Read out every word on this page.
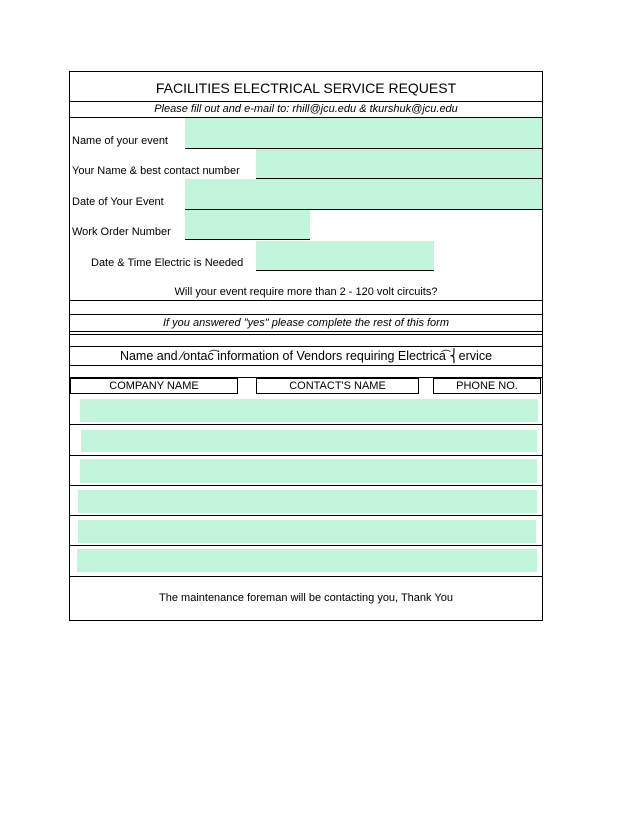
FACILITIES ELECTRICAL SERVICE REQUEST
Please fill out and e-mail to: rhill@jcu.edu & tkurshuk@jcu.edu
Name of your event
Your Name & best contact number
Date of Your Event
Work Order Number
Date & Time Electric is Needed
Will your event require more than 2 - 120 volt circuits?
If you answered "yes" please complete the rest of this form
Name and ∕ontac͡ information of Vendors requiring Electrica͡ ⎨ervice
COMPANY NAME	CONTACT'S NAME	PHONE NO.
The maintenance foreman will be contacting you, Thank You
